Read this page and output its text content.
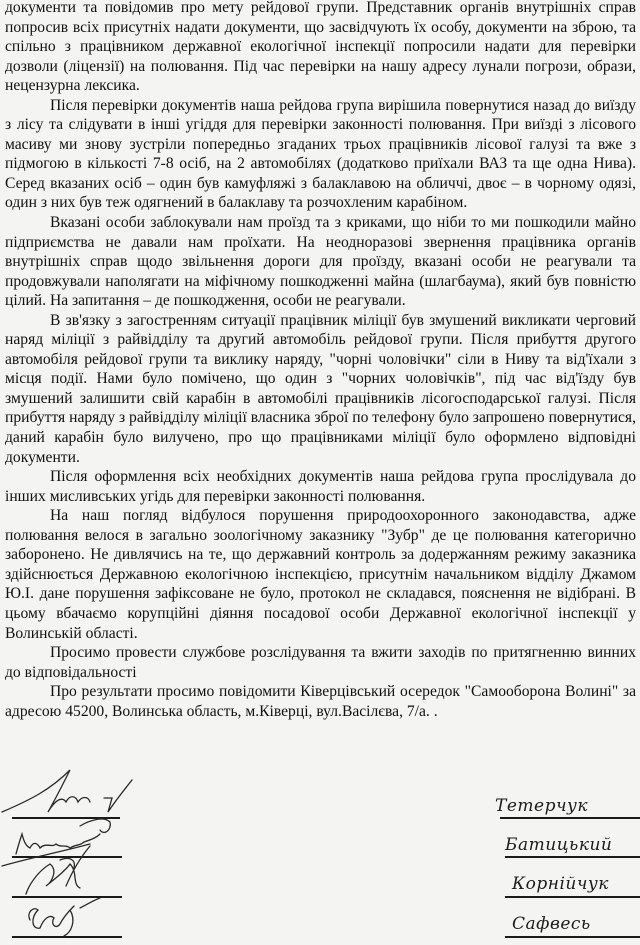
документи та повідомив про мету рейдової групи. Представник органів внутрішніх справ попросив всіх присутніх надати документи, що засвідчують їх особу, документи на зброю, та спільно з працівником державної екологічної інспекції попросили надати для перевірки дозволи (ліцензії) на полювання. Під час перевірки на нашу адресу лунали погрози, образи, нецензурна лексика.

Після перевірки документів наша рейдова група вирішила повернутися назад до виїзду з лісу та слідувати в інші угіддя для перевірки законності полювання. При виїзді з лісового масиву ми знову зустріли попередньо згаданих трьох працівників лісової галузі та вже з підмогою в кількості 7-8 осіб, на 2 автомобілях (додатково приїхали ВАЗ та ще одна Нива). Серед вказаних осіб – один був камуфляжі з балаклавою на обличчі, двоє – в чорному одязі, один з них був теж одягнений в балаклаву та розчохленим карабіном.

Вказані особи заблокували нам проїзд та з криками, що ніби то ми пошкодили майно підприємства не давали нам проїхати. На неодноразові звернення працівника органів внутрішніх справ щодо звільнення дороги для проїзду, вказані особи не реагували та продовжували наполягати на міфічному пошкодженні майна (шлагбаума), який був повністю цілий. На запитання – де пошкодження, особи не реагували.

В зв'язку з загостренням ситуації працівник міліції був змушений викликати черговий наряд міліції з райвідділу та другий автомобіль рейдової групи. Після прибуття другого автомобіля рейдової групи та виклику наряду, "чорні чоловічки" сіли в Ниву та від'їхали з місця події. Нами було помічено, що один з "чорних чоловічків", під час від'їзду був змушений залишити свій карабін в автомобілі працівників лісогосподарської галузі. Після прибуття наряду з райвідділу міліції власника зброї по телефону було запрошено повернутися, даний карабін було вилучено, про що працівниками міліції було оформлено відповідні документи.

Після оформлення всіх необхідних документів наша рейдова група прослідувала до інших мисливських угідь для перевірки законності полювання.

На наш погляд відбулося порушення природоохоронного законодавства, адже полювання велося в загально зоологічному заказнику "Зубр" де це полювання категорично заборонено. Не дивлячись на те, що державний контроль за додержанням режиму заказника здійснюється Державною екологічною інспекцією, присутнім начальником відділу Джамом Ю.І. дане порушення зафіксоване не було, протокол не складався, пояснення не відібрані. В цьому вбачаємо корупційні діяння посадової особи Державної екологічної інспекції у Волинській області.

Просимо провести службове розслідування та вжити заходів по притягненню винних до відповідальності

Про результати просимо повідомити Ківерцівський осередок "Самооборона Волині" за адресою 45200, Волинська область, м.Ківерці, вул.Васілєва, 7/а. .

Тетерчук
Батицький
Корнійчук
Сафвесь
